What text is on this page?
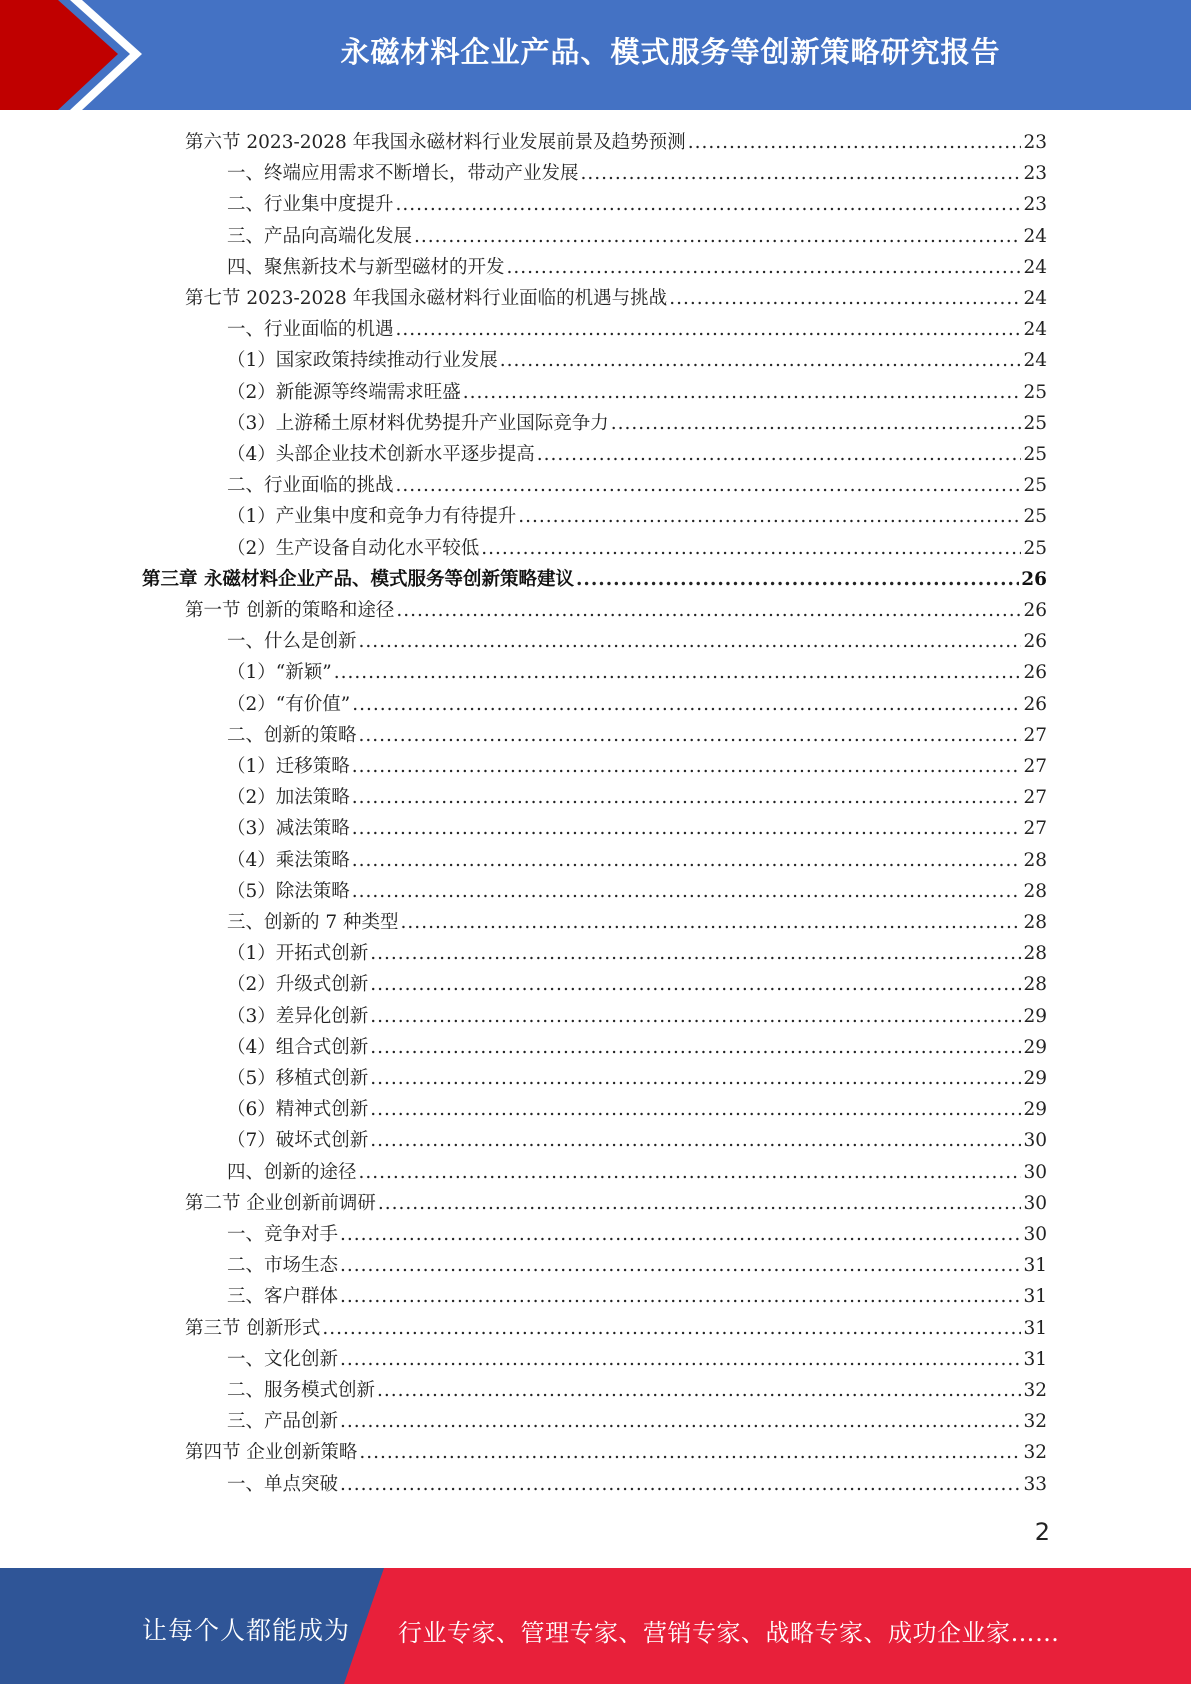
永磁材料企业产品、模式服务等创新策略研究报告
第六节 2023-2028 年我国永磁材料行业发展前景及趋势预测 .....	23
一、终端应用需求不断增长，带动产业发展 .....	23
二、行业集中度提升 .....	23
三、产品向高端化发展 .....	24
四、聚焦新技术与新型磁材的开发 .....	24
第七节 2023-2028 年我国永磁材料行业面临的机遇与挑战 .....	24
一、行业面临的机遇 .....	24
（1）国家政策持续推动行业发展 .....	24
（2）新能源等终端需求旺盛 .....	25
（3）上游稀土原材料优势提升产业国际竞争力 .....	25
（4）头部企业技术创新水平逐步提高 .....	25
二、行业面临的挑战 .....	25
（1）产业集中度和竞争力有待提升 .....	25
（2）生产设备自动化水平较低 .....	25
第三章 永磁材料企业产品、模式服务等创新策略建议 .....	26
第一节 创新的策略和途径 .....	26
一、什么是创新 .....	26
（1）“新颖” .....	26
（2）“有价值” .....	26
二、创新的策略 .....	27
（1）迁移策略 .....	27
（2）加法策略 .....	27
（3）减法策略 .....	27
（4）乘法策略 .....	28
（5）除法策略 .....	28
三、创新的 7 种类型 .....	28
（1）开拓式创新 .....	28
（2）升级式创新 .....	28
（3）差异化创新 .....	29
（4）组合式创新 .....	29
（5）移植式创新 .....	29
（6）精神式创新 .....	29
（7）破坏式创新 .....	30
四、创新的途径 .....	30
第二节 企业创新前调研 .....	30
一、竞争对手 .....	30
二、市场生态 .....	31
三、客户群体 .....	31
第三节 创新形式 .....	31
一、文化创新 .....	31
二、服务模式创新 .....	32
三、产品创新 .....	32
第四节 企业创新策略 .....	32
一、单点突破 .....	33
2
让每个人都能成为 行业专家、管理专家、营销专家、战略专家、成功企业家……
